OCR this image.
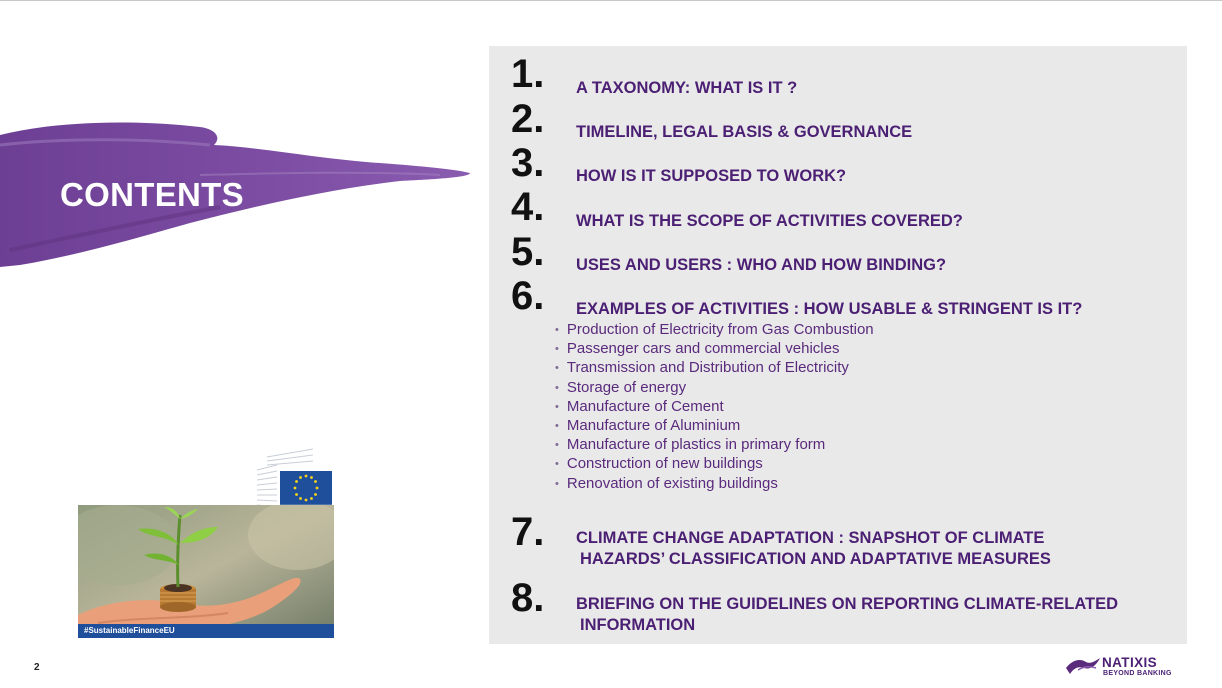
CONTENTS
1. A TAXONOMY: WHAT IS IT ?
2. TIMELINE, LEGAL BASIS & GOVERNANCE
3. HOW IS IT SUPPOSED TO WORK?
4. WHAT IS THE SCOPE OF ACTIVITIES COVERED?
5. USES AND USERS : WHO AND HOW BINDING?
6. EXAMPLES OF ACTIVITIES : HOW USABLE & STRINGENT IS IT?
• Production of Electricity from Gas Combustion
• Passenger cars and commercial vehicles
• Transmission and Distribution of Electricity
• Storage of energy
• Manufacture of Cement
• Manufacture of Aluminium
• Manufacture of plastics in primary form
• Construction of new buildings
• Renovation of existing buildings
7. CLIMATE CHANGE ADAPTATION : SNAPSHOT OF CLIMATE
HAZARDS’ CLASSIFICATION AND ADAPTATIVE MEASURES
8. BRIEFING ON THE GUIDELINES ON REPORTING CLIMATE-RELATED
INFORMATION
#SustainableFinanceEU
2	NATIXIS
BEYOND BANKING
